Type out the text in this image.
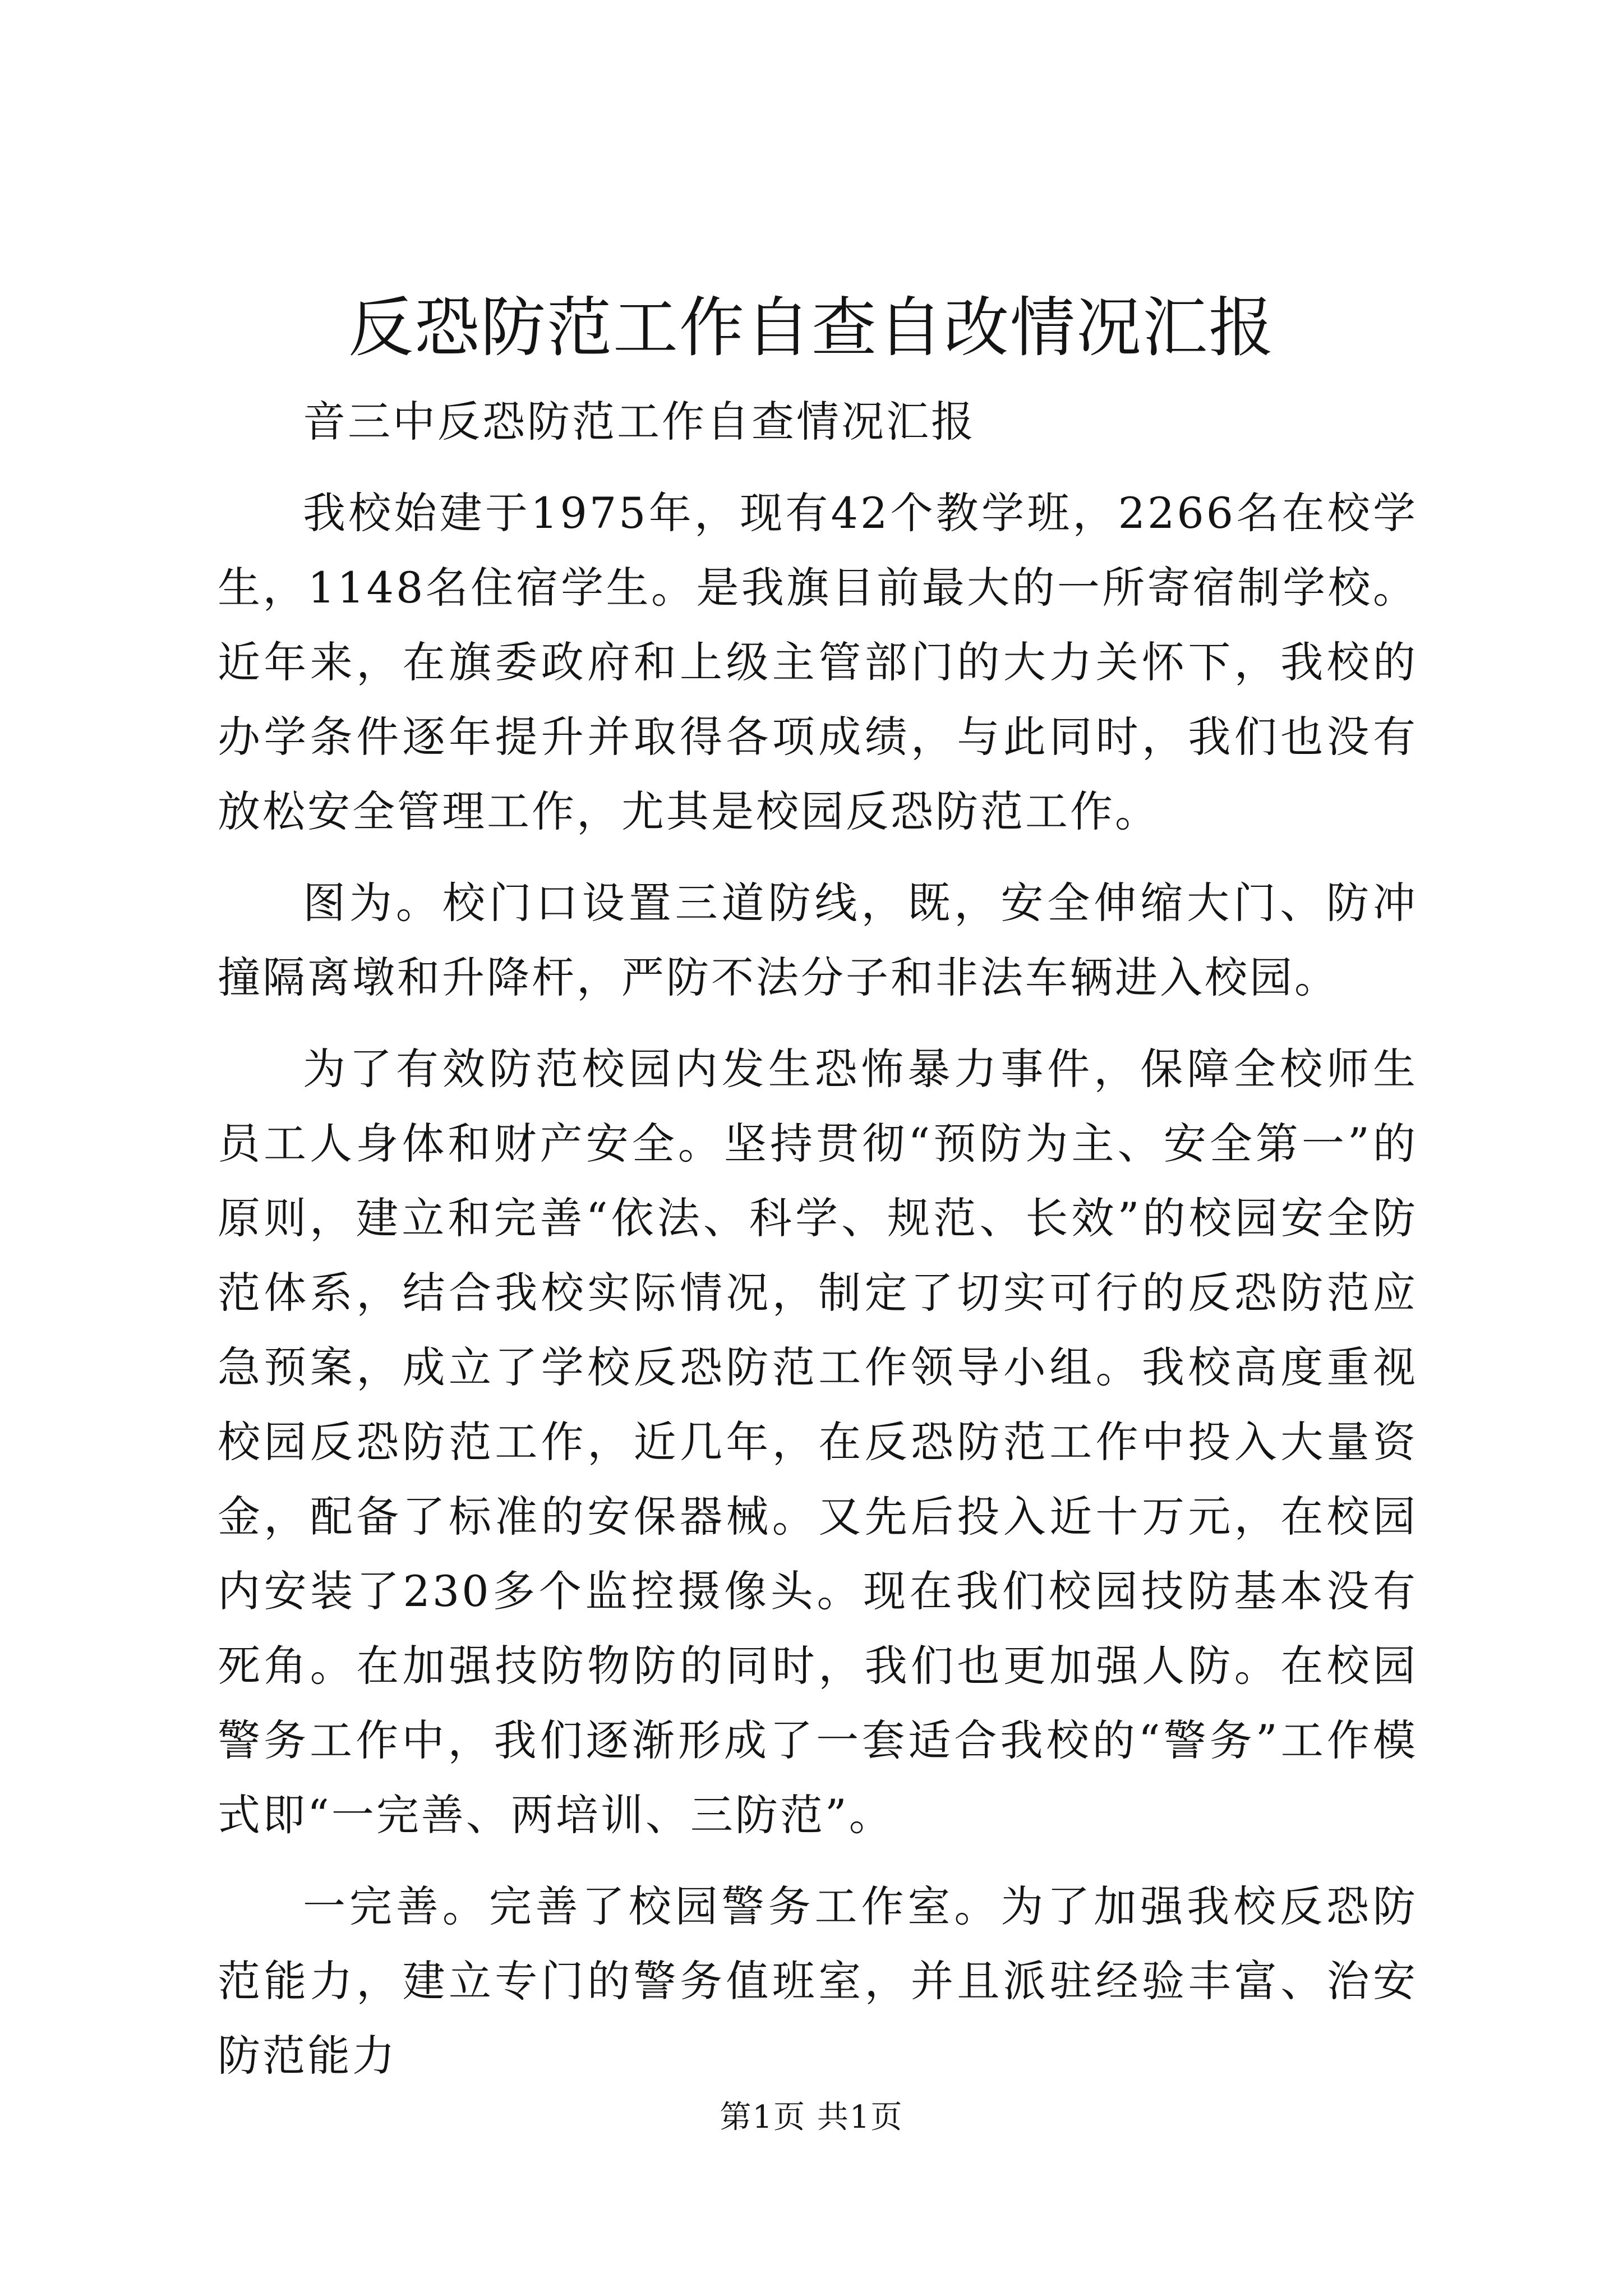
反恐防范工作自查自改情况汇报

音三中反恐防范工作自查情况汇报

我校始建于1975年，现有42个教学班，2266名在校学生，1148名住宿学生。是我旗目前最大的一所寄宿制学校。近年来，在旗委政府和上级主管部门的大力关怀下，我校的办学条件逐年提升并取得各项成绩，与此同时，我们也没有放松安全管理工作，尤其是校园反恐防范工作。

图为。校门口设置三道防线，既，安全伸缩大门、防冲撞隔离墩和升降杆，严防不法分子和非法车辆进入校园。

为了有效防范校园内发生恐怖暴力事件，保障全校师生员工人身体和财产安全。坚持贯彻“预防为主、安全第一”的原则，建立和完善“依法、科学、规范、长效”的校园安全防范体系，结合我校实际情况，制定了切实可行的反恐防范应急预案，成立了学校反恐防范工作领导小组。我校高度重视校园反恐防范工作，近几年，在反恐防范工作中投入大量资金，配备了标准的安保器械。又先后投入近十万元，在校园内安装了230多个监控摄像头。现在我们校园技防基本没有死角。在加强技防物防的同时，我们也更加强人防。在校园警务工作中，我们逐渐形成了一套适合我校的“警务”工作模式即“一完善、两培训、三防范”。

一完善。完善了校园警务工作室。为了加强我校反恐防范能力，建立专门的警务值班室，并且派驻经验丰富、治安防范能力

第1页 共1页
